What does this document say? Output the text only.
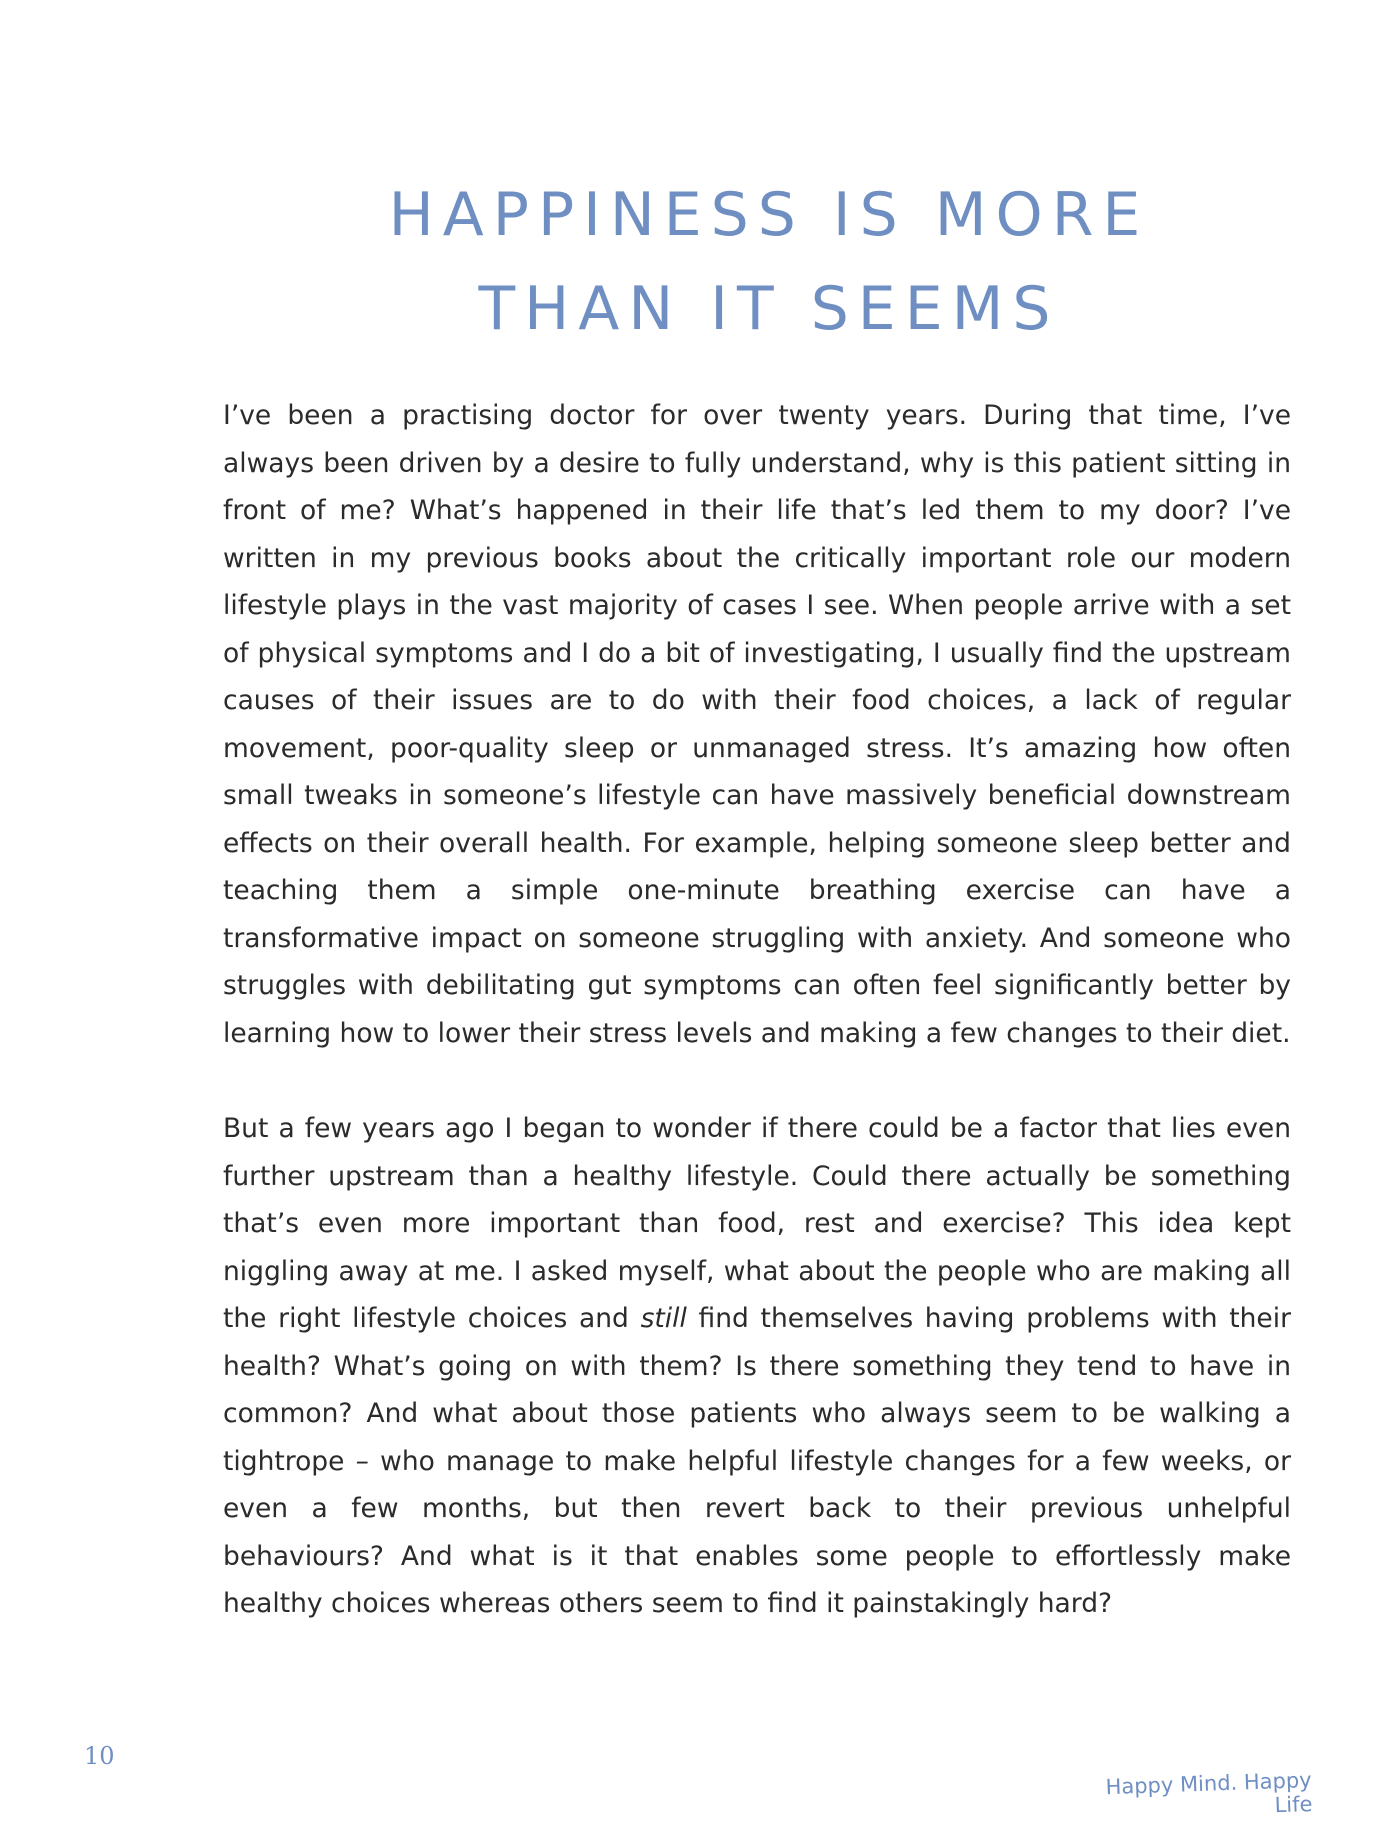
HAPPINESS IS MORE
THAN IT SEEMS

I’ve been a practising doctor for over twenty years. During that time, I’ve always been driven by a desire to fully understand, why is this patient sitting in front of me? What’s happened in their life that’s led them to my door? I’ve written in my previous books about the critically important role our modern lifestyle plays in the vast majority of cases I see. When people arrive with a set of physical symptoms and I do a bit of investigating, I usually find the upstream causes of their issues are to do with their food choices, a lack of regular movement, poor-quality sleep or unmanaged stress. It’s amazing how often small tweaks in someone’s lifestyle can have massively beneficial downstream effects on their overall health. For example, helping someone sleep better and teaching them a simple one-minute breathing exercise can have a transformative impact on someone struggling with anxiety. And someone who struggles with debilitating gut symptoms can often feel significantly better by learning how to lower their stress levels and making a few changes to their diet.

But a few years ago I began to wonder if there could be a factor that lies even further upstream than a healthy lifestyle. Could there actually be something that’s even more important than food, rest and exercise? This idea kept niggling away at me. I asked myself, what about the people who are making all the right lifestyle choices and still find themselves having problems with their health? What’s going on with them? Is there something they tend to have in common? And what about those patients who always seem to be walking a tightrope – who manage to make helpful lifestyle changes for a few weeks, or even a few months, but then revert back to their previous unhelpful behaviours? And what is it that enables some people to effortlessly make healthy choices whereas others seem to find it painstakingly hard?

10
Happy Mind. Happy Life
